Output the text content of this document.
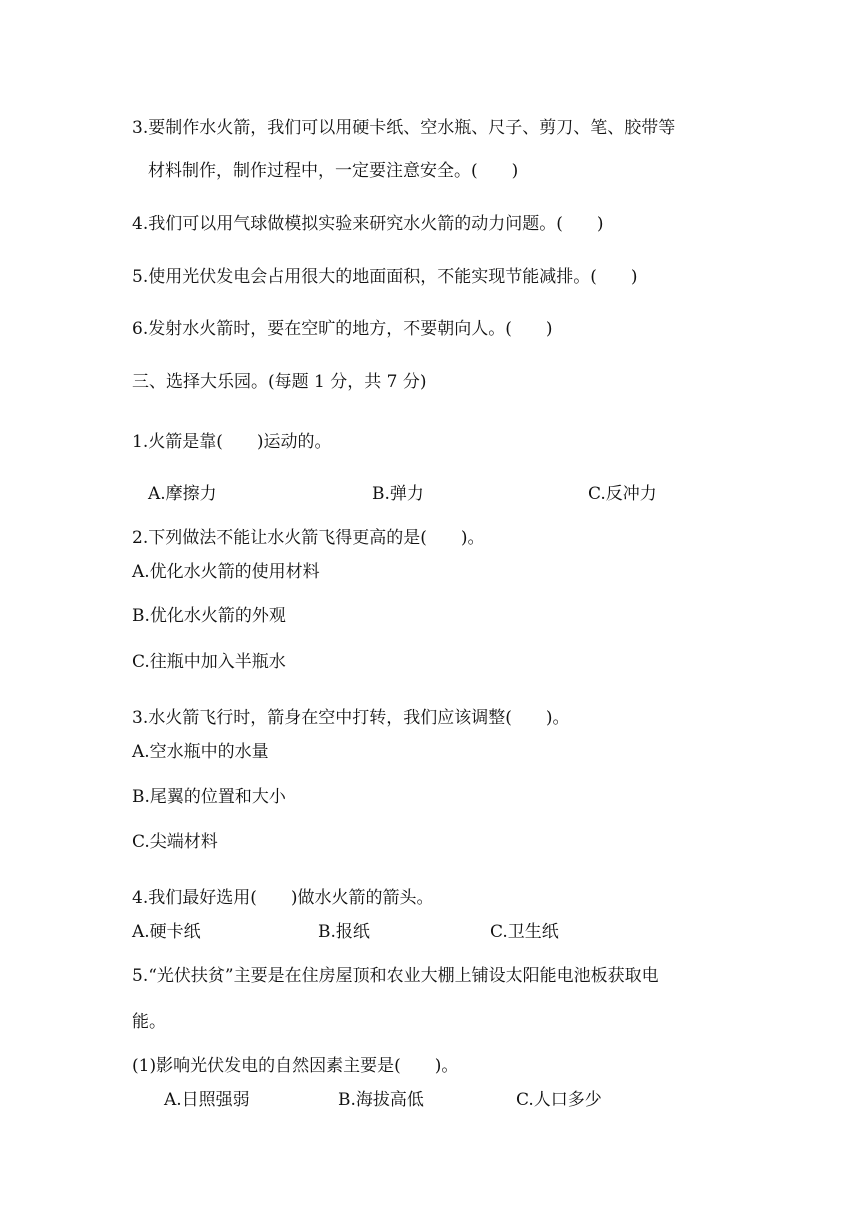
3.要制作水火箭，我们可以用硬卡纸、空水瓶、尺子、剪刀、笔、胶带等
材料制作，制作过程中，一定要注意安全。(　　)
4.我们可以用气球做模拟实验来研究水火箭的动力问题。(　　)
5.使用光伏发电会占用很大的地面面积，不能实现节能减排。(　　)
6.发射水火箭时，要在空旷的地方，不要朝向人。(　　)
三、选择大乐园。(每题 1 分，共 7 分)
1.火箭是靠(　　)运动的。
A.摩擦力	B.弹力	C.反冲力
2.下列做法不能让水火箭飞得更高的是(　　)。
A.优化水火箭的使用材料
B.优化水火箭的外观
C.往瓶中加入半瓶水
3.水火箭飞行时，箭身在空中打转，我们应该调整(　　)。
A.空水瓶中的水量
B.尾翼的位置和大小
C.尖端材料
4.我们最好选用(　　)做水火箭的箭头。
A.硬卡纸	B.报纸	C.卫生纸
5.“光伏扶贫”主要是在住房屋顶和农业大棚上铺设太阳能电池板获取电
能。
(1)影响光伏发电的自然因素主要是(　　)。
A.日照强弱	B.海拔高低	C.人口多少
